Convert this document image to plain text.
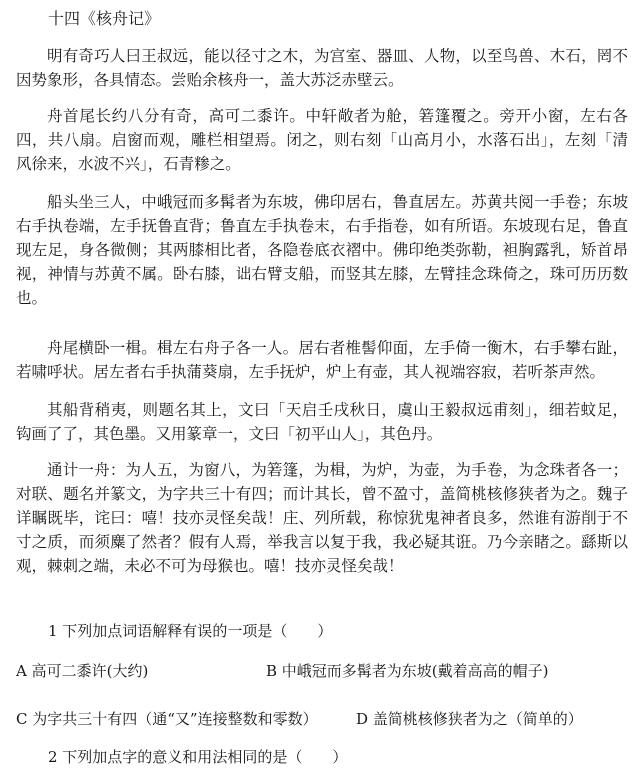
十四《核舟记》

明有奇巧人曰王叔远，能以径寸之木，为宫室、器皿、人物，以至鸟兽、木石，罔不因势象形，各具情态。尝贻余核舟一，盖大苏泛赤壁云。

舟首尾长约八分有奇，高可二黍许。中轩敞者为舱，箬篷覆之。旁开小窗，左右各四，共八扇。启窗而观，雕栏相望焉。闭之，则右刻「山高月小，水落石出」，左刻「清风徐来，水波不兴」，石青糁之。

船头坐三人，中峨冠而多髯者为东坡，佛印居右，鲁直居左。苏黄共阅一手卷；东坡右手执卷端，左手抚鲁直背；鲁直左手执卷末，右手指卷，如有所语。东坡现右足，鲁直现左足，身各微侧；其两膝相比者，各隐卷底衣褶中。佛印绝类弥勒，袒胸露乳，矫首昂视，神情与苏黄不属。卧右膝，诎右臂支船，而竖其左膝，左臂挂念珠倚之，珠可历历数也。

舟尾横卧一楫。楫左右舟子各一人。居右者椎髻仰面，左手倚一衡木，右手攀右趾，若啸呼状。居左者右手执蒲葵扇，左手抚炉，炉上有壶，其人视端容寂，若听茶声然。

其船背稍夷，则题名其上，文曰「天启壬戌秋日，虞山王毅叔远甫刻」，细若蚊足，钩画了了，其色墨。又用篆章一，文曰「初平山人」，其色丹。

通计一舟：为人五，为窗八，为箬篷，为楫，为炉，为壶，为手卷，为念珠者各一；对联、题名并篆文，为字共三十有四；而计其长，曾不盈寸，盖简桃核修狭者为之。魏子详瞩既毕，诧曰：嘻！技亦灵怪矣哉！庄、列所载，称惊犹鬼神者良多，然谁有游削于不寸之质，而须麋了然者？假有人焉，举我言以复于我，我必疑其诳。乃今亲睹之。繇斯以观，棘刺之端，未必不可为母猴也。嘻！技亦灵怪矣哉！

1 下列加点词语解释有误的一项是（　　）
A 高可二黍许(大约)	B 中峨冠而多髯者为东坡(戴着高高的帽子)
C 为字共三十有四（通“又”连接整数和零数）	D 盖简桃核修狭者为之（简单的）
2 下列加点字的意义和用法相同的是（　　）
